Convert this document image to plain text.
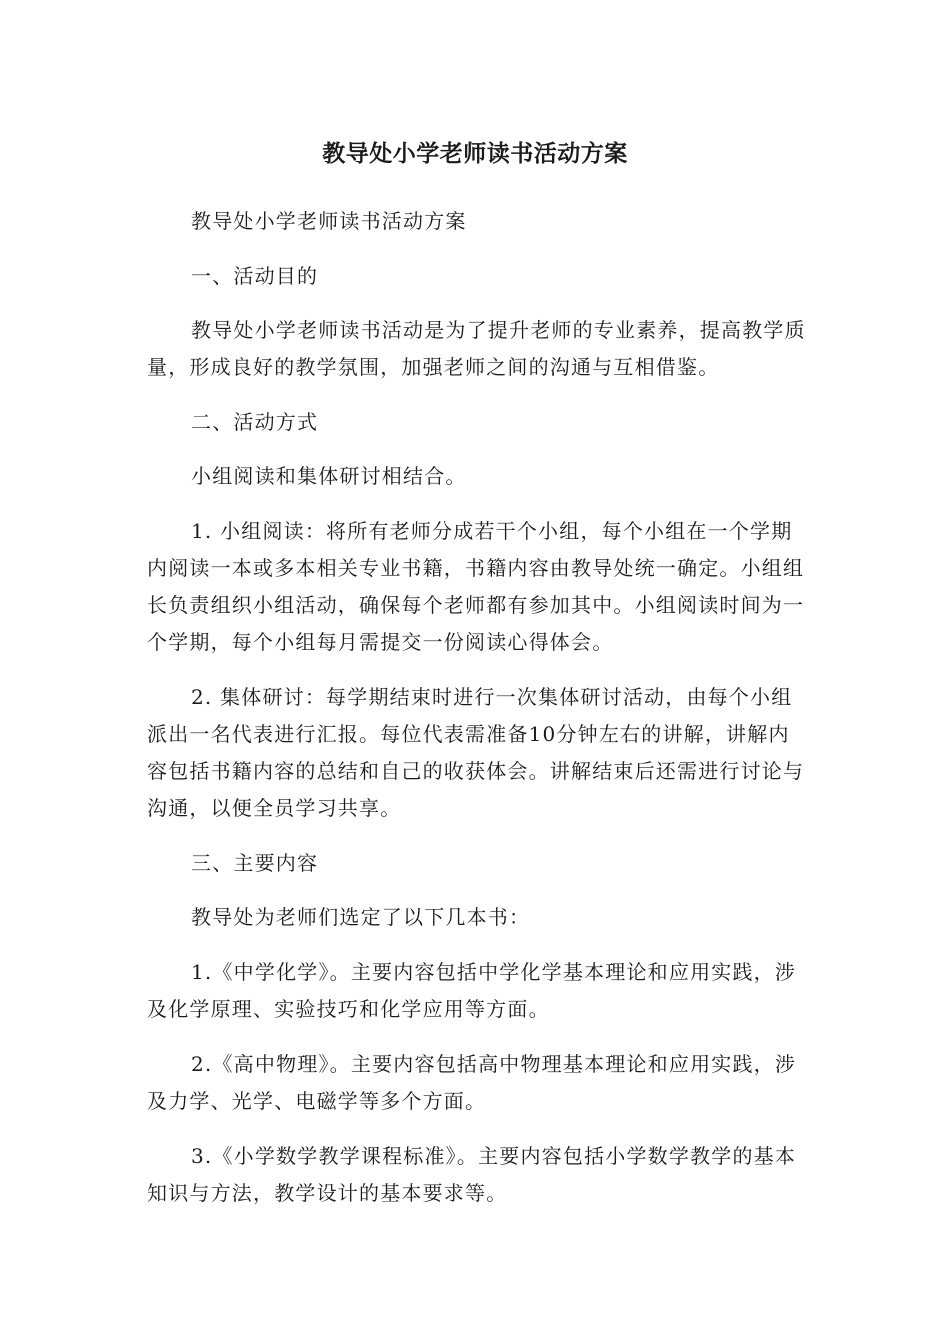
教导处小学老师读书活动方案

教导处小学老师读书活动方案

一、活动目的

教导处小学老师读书活动是为了提升老师的专业素养，提高教学质量，形成良好的教学氛围，加强老师之间的沟通与互相借鉴。

二、活动方式

小组阅读和集体研讨相结合。

1. 小组阅读：将所有老师分成若干个小组，每个小组在一个学期内阅读一本或多本相关专业书籍，书籍内容由教导处统一确定。小组组长负责组织小组活动，确保每个老师都有参加其中。小组阅读时间为一个学期，每个小组每月需提交一份阅读心得体会。

2. 集体研讨：每学期结束时进行一次集体研讨活动，由每个小组派出一名代表进行汇报。每位代表需准备10分钟左右的讲解，讲解内容包括书籍内容的总结和自己的收获体会。讲解结束后还需进行讨论与沟通，以便全员学习共享。

三、主要内容

教导处为老师们选定了以下几本书：

1.《中学化学》。主要内容包括中学化学基本理论和应用实践，涉及化学原理、实验技巧和化学应用等方面。

2.《高中物理》。主要内容包括高中物理基本理论和应用实践，涉及力学、光学、电磁学等多个方面。

3.《小学数学教学课程标准》。主要内容包括小学数学教学的基本知识与方法，教学设计的基本要求等。
